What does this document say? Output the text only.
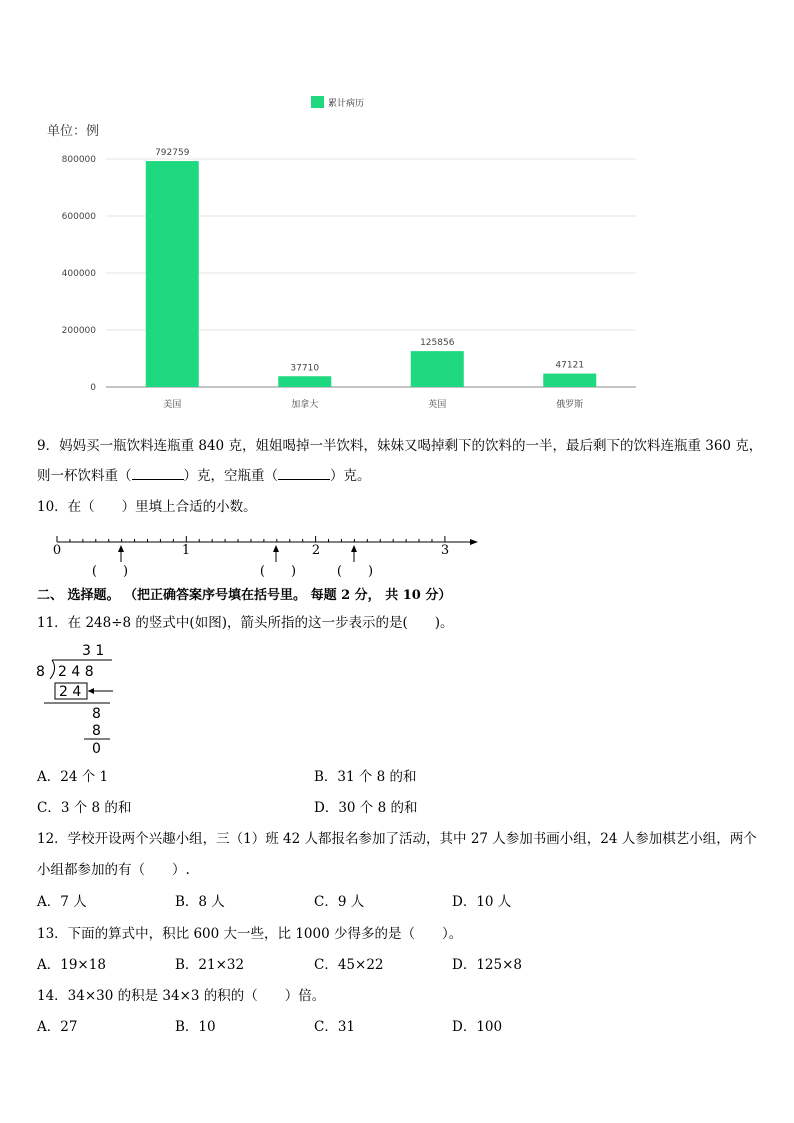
累计病历
单位：例
0
200000
400000
600000
800000
792759
37710
125856
47121
美国	加拿大	英国	俄罗斯
9．妈妈买一瓶饮料连瓶重 840 克，姐姐喝掉一半饮料，妹妹又喝掉剩下的饮料的一半，最后剩下的饮料连瓶重 360 克，
则一杯饮料重（	）克，空瓶重（	）克。
10．在（　　）里填上合适的小数。
0	1	2	3
(　　)	(　　)	(　　)
二、 选择题。 （把正确答案序号填在括号里。 每题 2 分， 共 10 分）
11．在 248÷8 的竖式中(如图)，箭头所指的这一步表示的是(　　)。
3 1
8 2 4 8
2 4
8
8
0
A．24 个 1	B．31 个 8 的和
C．3 个 8 的和	D．30 个 8 的和
12．学校开设两个兴趣小组，三（1）班 42 人都报名参加了活动，其中 27 人参加书画小组，24 人参加棋艺小组，两个
小组都参加的有（　　）.
A．7 人	B．8 人	C．9 人	D．10 人
13．下面的算式中，积比 600 大一些，比 1000 少得多的是（　　）。
A．19×18	B．21×32	C．45×22	D．125×8
14．34×30 的积是 34×3 的积的（　　）倍。
A．27	B．10	C．31	D．100
